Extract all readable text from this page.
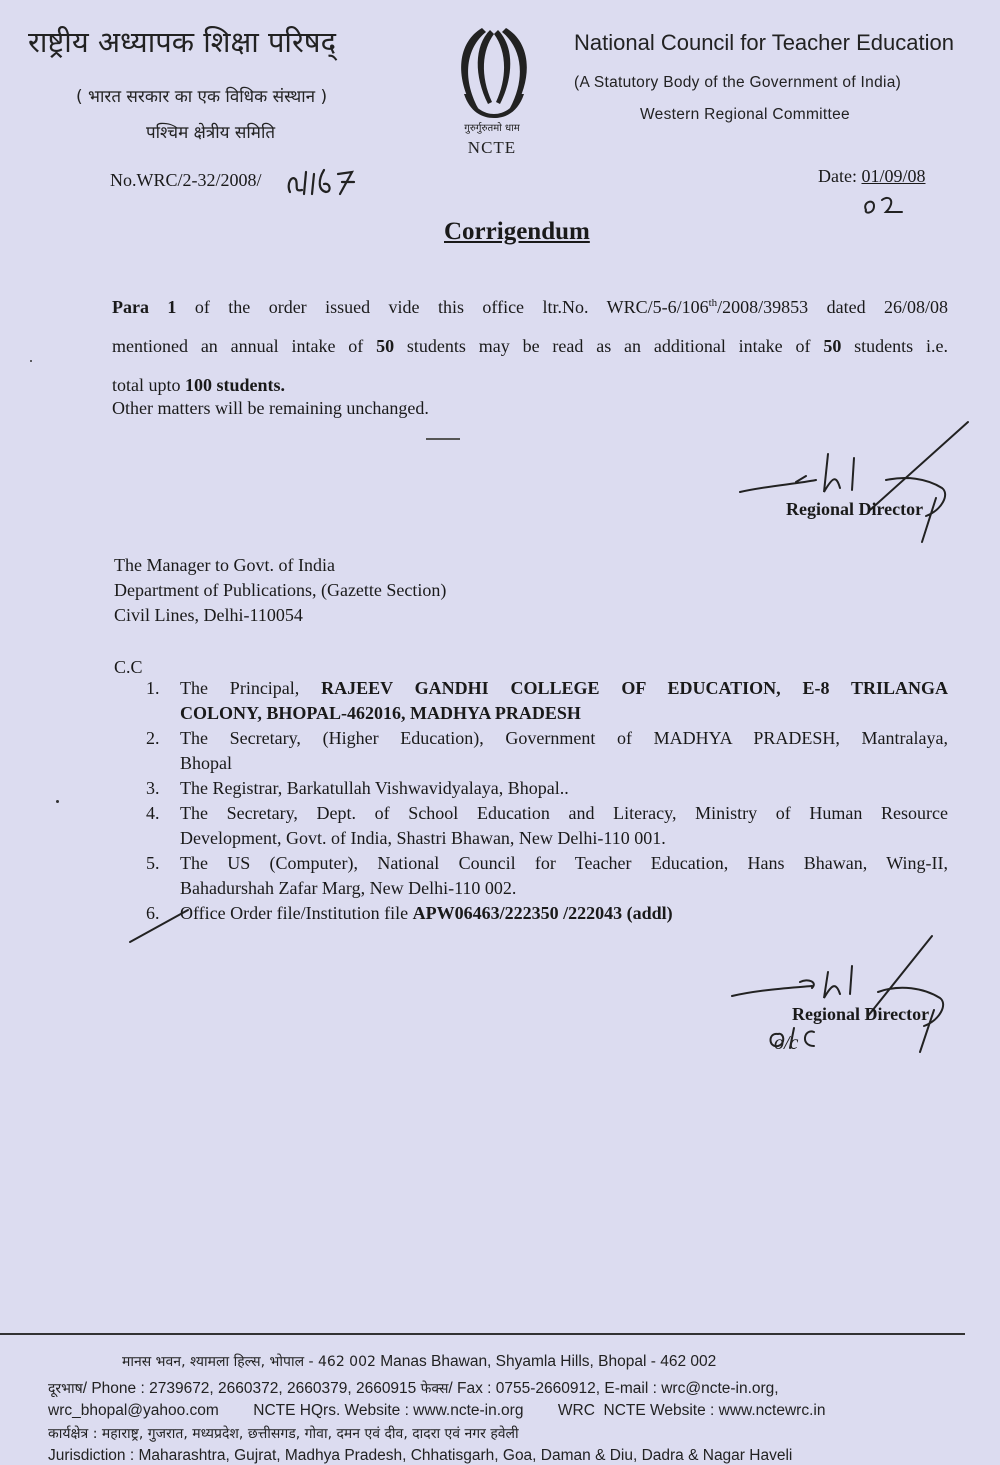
राष्ट्रीय अध्यापक शिक्षा परिषद्
( भारत सरकार का एक विधिक संस्थान )
पश्चिम क्षेत्रीय समिति	गुरुर्गुरुतमो धाम
NCTE
National Council for Teacher Education
(A Statutory Body of the Government of India)
Western Regional Committee
No.WRC/2-32/2008/	Date: 01/09/08
Corrigendum
Para 1 of the order issued vide this office ltr.No. WRC/5-6/106th/2008/39853 dated 26/08/08
mentioned an annual intake of 50 students may be read as an additional intake of 50 students i.e.
total upto 100 students.
Other matters will be remaining unchanged.
Regional Director
The Manager to Govt. of India
Department of Publications, (Gazette Section)
Civil Lines, Delhi-110054
C.C
1. The Principal, RAJEEV GANDHI COLLEGE OF EDUCATION, E-8 TRILANGA
COLONY, BHOPAL-462016, MADHYA PRADESH
2. The Secretary, (Higher Education), Government of MADHYA PRADESH, Mantralaya,
Bhopal
3. The Registrar, Barkatullah Vishwavidyalaya, Bhopal..
4. The Secretary, Dept. of School Education and Literacy, Ministry of Human Resource
Development, Govt. of India, Shastri Bhawan, New Delhi-110 001.
5. The US (Computer), National Council for Teacher Education, Hans Bhawan, Wing-II,
Bahadurshah Zafar Marg, New Delhi-110 002.
6. Office Order file/Institution file APW06463/222350 /222043 (addl)
Regional Director
o/c
मानस भवन, श्यामला हिल्स, भोपाल - 462 002 Manas Bhawan, Shyamla Hills, Bhopal - 462 002
दूरभाष/ Phone : 2739672, 2660372, 2660379, 2660915 फेक्स/ Fax : 0755-2660912, E-mail : wrc@ncte-in.org,
wrc_bhopal@yahoo.com        NCTE HQrs. Website : www.ncte-in.org        WRC  NCTE Website : www.nctewrc.in
कार्यक्षेत्र : महाराष्ट्र, गुजरात, मध्यप्रदेश, छत्तीसगड, गोवा, दमन एवं दीव, दादरा एवं नगर हवेली
Jurisdiction : Maharashtra, Gujrat, Madhya Pradesh, Chhatisgarh, Goa, Daman & Diu, Dadra & Nagar Haveli
